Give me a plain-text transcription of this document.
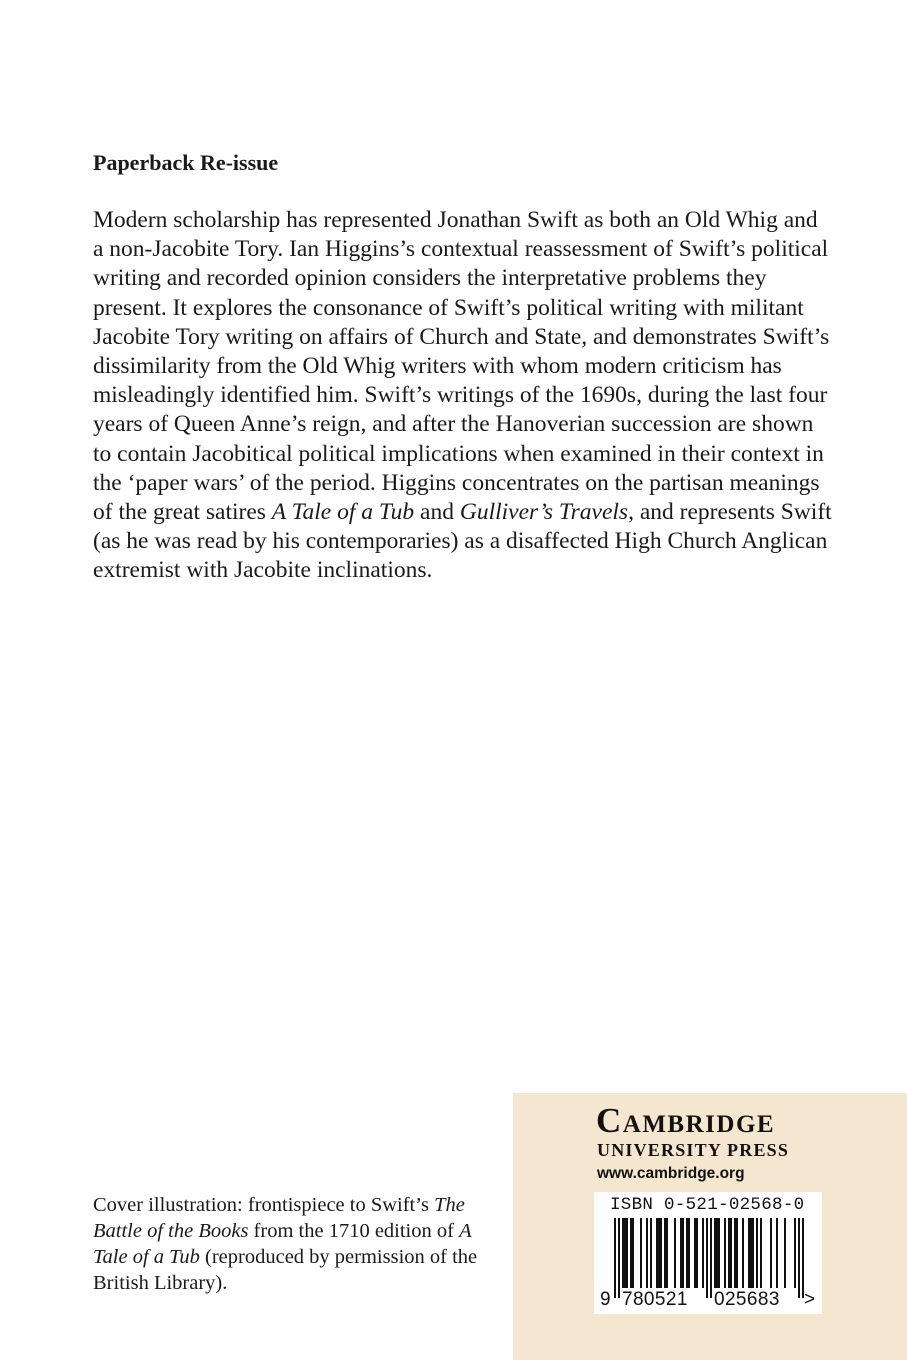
Paperback Re-issue

Modern scholarship has represented Jonathan Swift as both an Old Whig and a non-Jacobite Tory. Ian Higgins’s contextual reassessment of Swift’s political writing and recorded opinion considers the interpretative problems they present. It explores the consonance of Swift’s political writing with militant Jacobite Tory writing on affairs of Church and State, and demonstrates Swift’s dissimilarity from the Old Whig writers with whom modern criticism has misleadingly identified him. Swift’s writings of the 1690s, during the last four years of Queen Anne’s reign, and after the Hanoverian succession are shown to contain Jacobitical political implications when examined in their context in the ‘paper wars’ of the period. Higgins concentrates on the partisan meanings of the great satires A Tale of a Tub and Gulliver’s Travels, and represents Swift (as he was read by his contemporaries) as a disaffected High Church Anglican extremist with Jacobite inclinations.

Cover illustration: frontispiece to Swift’s The Battle of the Books from the 1710 edition of A Tale of a Tub (reproduced by permission of the British Library).

Cambridge
UNIVERSITY PRESS
www.cambridge.org
ISBN 0-521-02568-0
9 780521 025683 >
